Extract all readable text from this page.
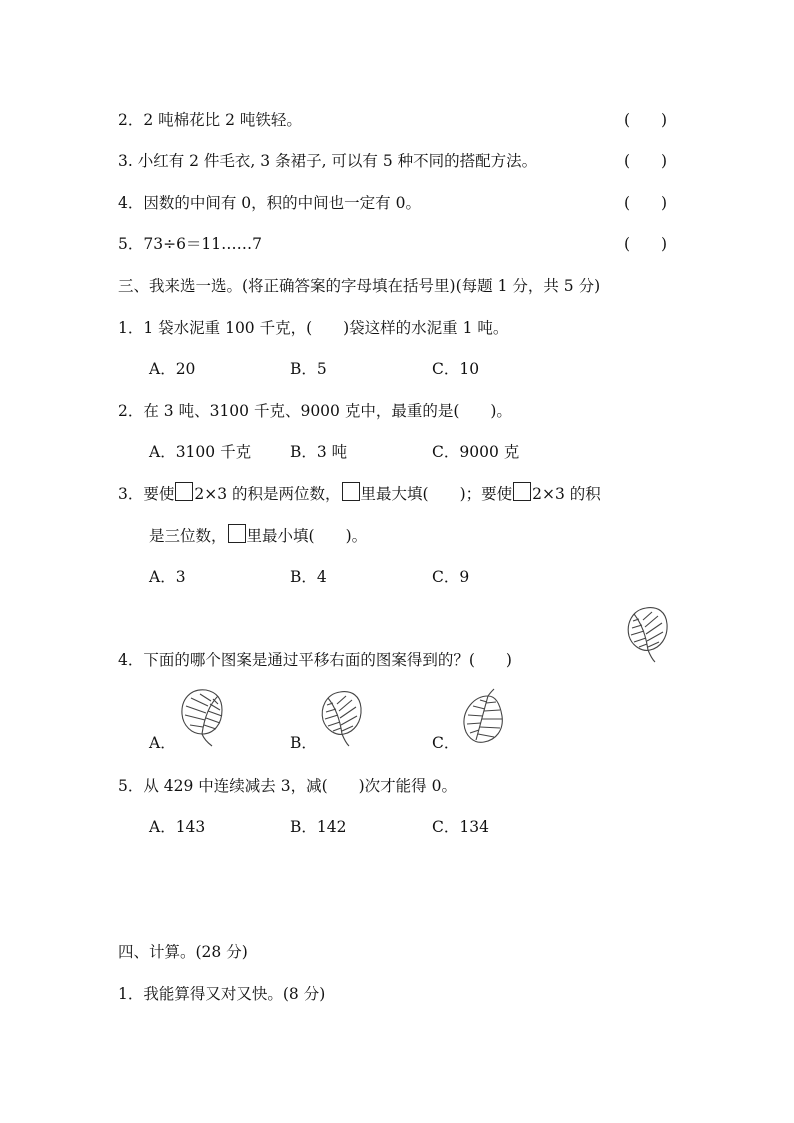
2．2 吨棉花比 2 吨铁轻。	(　　)
3. 小红有 2 件毛衣, 3 条裙子, 可以有 5 种不同的搭配方法。	(　　)
4．因数的中间有 0，积的中间也一定有 0。	(　　)
5．73÷6＝11……7	(　　)
三、我来选一选。(将正确答案的字母填在括号里)(每题 1 分，共 5 分)
1．1 袋水泥重 100 千克，(　　)袋这样的水泥重 1 吨。
A．20	B．5	C．10
2．在 3 吨、3100 千克、9000 克中，最重的是(　　)。
A．3100 千克	B．3 吨	C．9000 克
3．要使 2×3 的积是两位数， 里最大填(　　)；要使 2×3 的积
是三位数， 里最小填(　　)。
A．3	B．4	C．9
4．下面的哪个图案是通过平移右面的图案得到的？(　　)
A．	B．	C．
5．从 429 中连续减去 3，减(　　)次才能得 0。
A．143	B．142	C．134
四、计算。(28 分)
1．我能算得又对又快。(8 分)
